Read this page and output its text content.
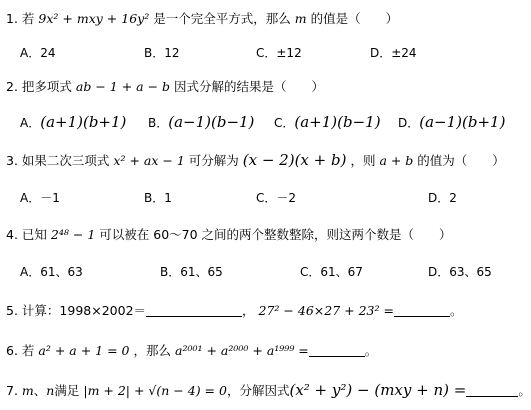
1. 若 9x² + mxy + 16y² 是一个完全平方式，那么 m 的值是（　　）
A．24	B．12	C．±12	D．±24
2. 把多项式 ab − 1 + a − b 因式分解的结果是（　　）
A．(a+1)(b+1) B．(a−1)(b−1) C．(a+1)(b−1) D．(a−1)(b+1)
3. 如果二次三项式 x² + ax − 1 可分解为 (x − 2)(x + b) ，则 a + b 的值为（　　）
A．－1	B．1	C．－2	D．2
4. 已知 2⁴⁸ − 1 可以被在 60～70 之间的两个整数整除，则这两个数是（　　）
A．61、63	B．61、65	C．61、67	D．63、65
5. 计算：1998×2002＝	， 27² − 46×27 + 23² =	。
6. 若 a² + a + 1 = 0 ，那么 a²⁰⁰¹ + a²⁰⁰⁰ + a¹⁹⁹⁹ =	。
7. m、n满足 |m + 2| + √(n − 4) = 0，分解因式(x² + y²) − (mxy + n) =	。
